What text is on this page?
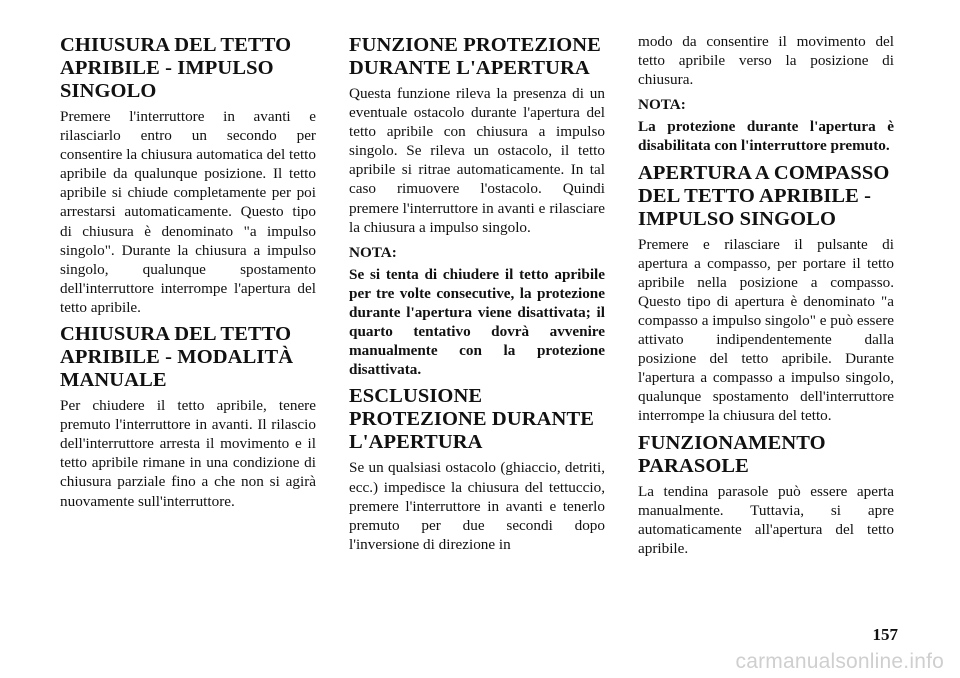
CHIUSURA DEL TETTO APRIBILE - IMPULSO SINGOLO

Premere l'interruttore in avanti e rilasciarlo entro un secondo per consentire la chiusura automatica del tetto apribile da qualunque posizione. Il tetto apribile si chiude completamente per poi arrestarsi automaticamente. Questo tipo di chiusura è denominato "a impulso singolo". Durante la chiusura a impulso singolo, qualunque spostamento dell'interruttore interrompe l'apertura del tetto apribile.

CHIUSURA DEL TETTO APRIBILE - MODALITÀ MANUALE

Per chiudere il tetto apribile, tenere premuto l'interruttore in avanti. Il rilascio dell'interruttore arresta il movimento e il tetto apribile rimane in una condizione di chiusura parziale fino a che non si agirà nuovamente sull'interruttore.

FUNZIONE PROTEZIONE DURANTE L'APERTURA

Questa funzione rileva la presenza di un eventuale ostacolo durante l'apertura del tetto apribile con chiusura a impulso singolo. Se rileva un ostacolo, il tetto apribile si ritrae automaticamente. In tal caso rimuovere l'ostacolo. Quindi premere l'interruttore in avanti e rilasciare la chiusura a impulso singolo.

NOTA:

Se si tenta di chiudere il tetto apribile per tre volte consecutive, la protezione durante l'apertura viene disattivata; il quarto tentativo dovrà avvenire manualmente con la protezione disattivata.

ESCLUSIONE PROTEZIONE DURANTE L'APERTURA

Se un qualsiasi ostacolo (ghiaccio, detriti, ecc.) impedisce la chiusura del tettuccio, premere l'interruttore in avanti e tenerlo premuto per due secondi dopo l'inversione di direzione in

modo da consentire il movimento del tetto apribile verso la posizione di chiusura.

NOTA:

La protezione durante l'apertura è disabilitata con l'interruttore premuto.

APERTURA A COMPASSO DEL TETTO APRIBILE - IMPULSO SINGOLO

Premere e rilasciare il pulsante di apertura a compasso, per portare il tetto apribile nella posizione a compasso. Questo tipo di apertura è denominato "a compasso a impulso singolo" e può essere attivato indipendentemente dalla posizione del tetto apribile. Durante l'apertura a compasso a impulso singolo, qualunque spostamento dell'interruttore interrompe la chiusura del tetto.

FUNZIONAMENTO PARASOLE

La tendina parasole può essere aperta manualmente. Tuttavia, si apre automaticamente all'apertura del tetto apribile.

157
carmanualsonline.info
